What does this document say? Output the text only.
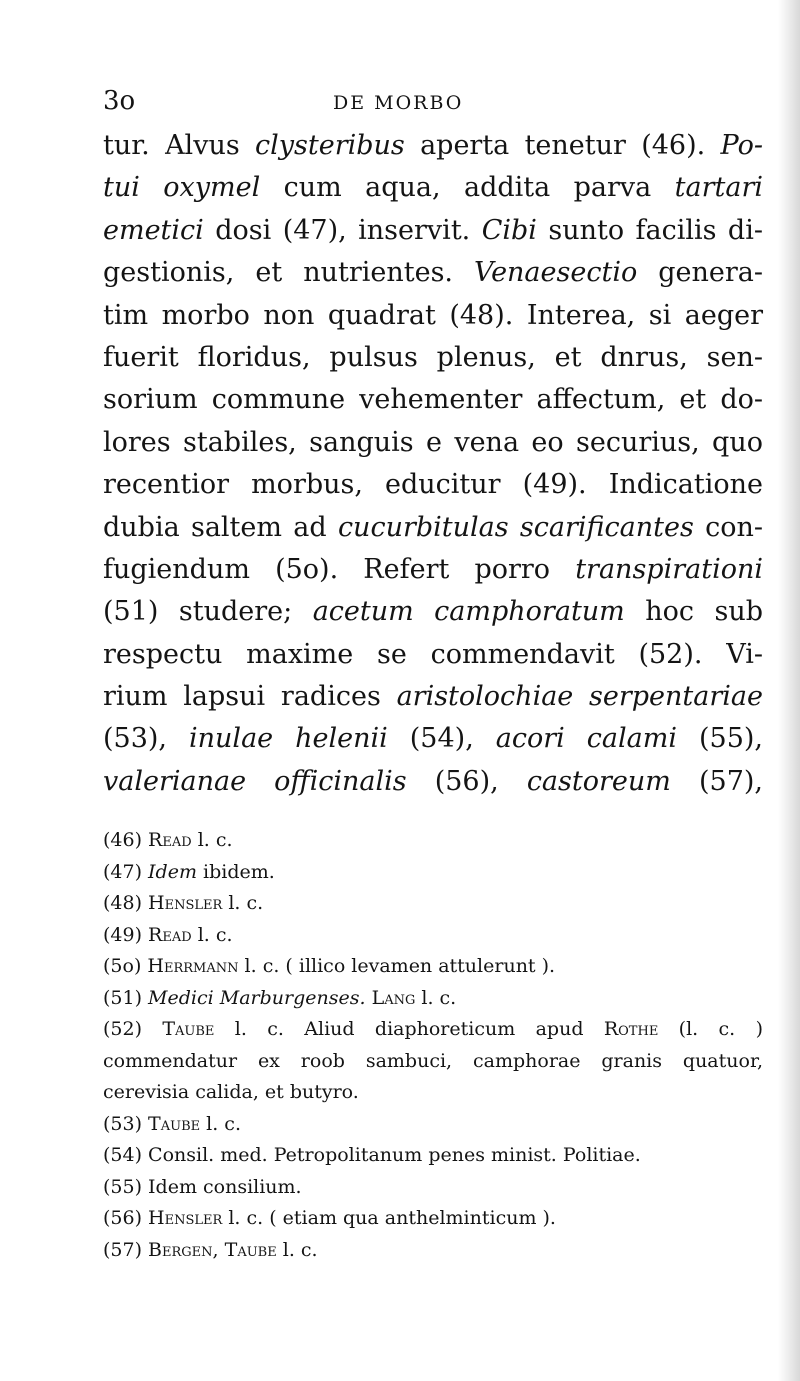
3o	DE MORBO
tur. Alvus clysteribus aperta tenetur (46). Po-
tui oxymel cum aqua, addita parva tartari
emetici dosi (47), inservit. Cibi sunto facilis di-
gestionis, et nutrientes. Venaesectio genera-
tim morbo non quadrat (48). Interea, si aeger
fuerit floridus, pulsus plenus, et dnrus, sen-
sorium commune vehementer affectum, et do-
lores stabiles, sanguis e vena eo securius, quo
recentior morbus, educitur (49). Indicatione
dubia saltem ad cucurbitulas scarificantes con-
fugiendum (5o). Refert porro transpirationi
(51) studere; acetum camphoratum hoc sub
respectu maxime se commendavit (52). Vi-
rium lapsui radices aristolochiae serpentariae
(53), inulae helenii (54), acori calami (55),
valerianae officinalis (56), castoreum (57),
(46) Read l. c.
(47) Idem ibidem.
(48) Hensler l. c.
(49) Read l. c.
(5o) Herrmann l. c. ( illico levamen attulerunt ).
(51) Medici Marburgenses. Lang l. c.
(52) Taube l. c. Aliud diaphoreticum apud Rothe (l. c. )
commendatur ex roob sambuci, camphorae granis quatuor,
cerevisia calida, et butyro.
(53) Taube l. c.
(54) Consil. med. Petropolitanum penes minist. Politiae.
(55) Idem consilium.
(56) Hensler l. c. ( etiam qua anthelminticum ).
(57) Bergen, Taube l. c.
